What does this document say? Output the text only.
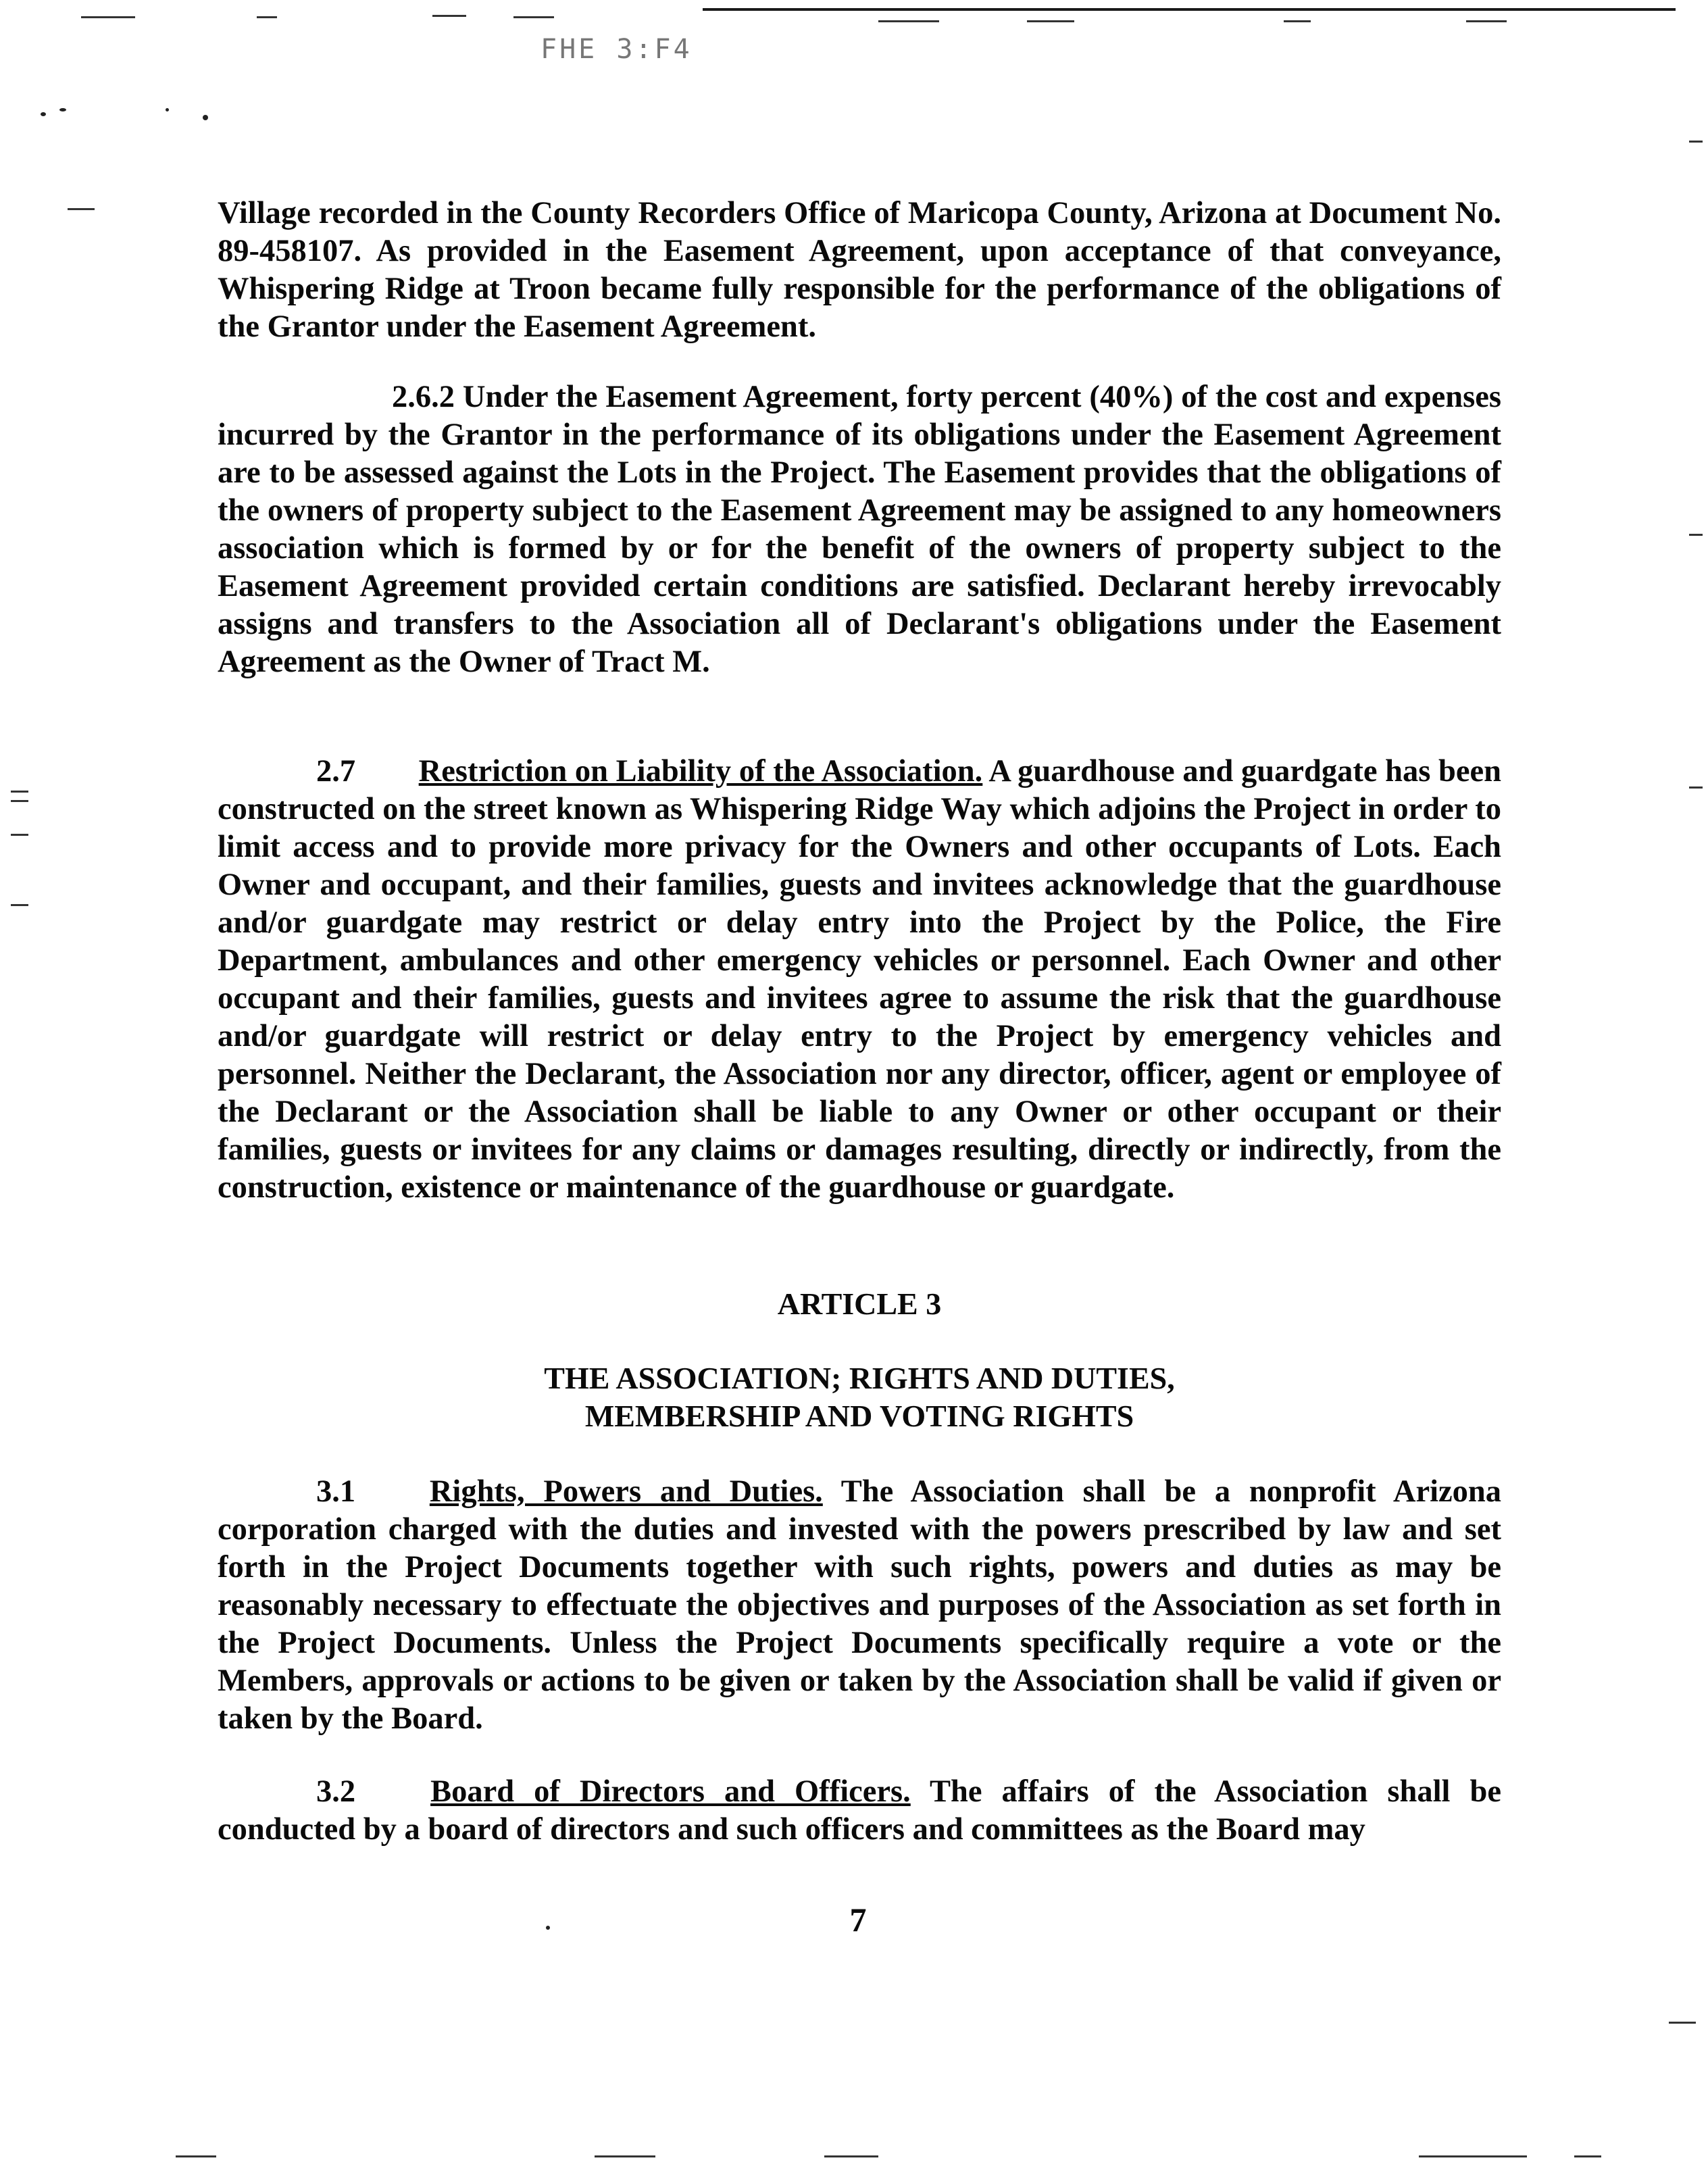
FHE 3:F4

Village recorded in the County Recorders Office of Maricopa County, Arizona at Document No. 89-458107. As provided in the Easement Agreement, upon acceptance of that conveyance, Whispering Ridge at Troon became fully responsible for the performance of the obligations of the Grantor under the Easement Agreement.

2.6.2 Under the Easement Agreement, forty percent (40%) of the cost and expenses incurred by the Grantor in the performance of its obligations under the Easement Agreement are to be assessed against the Lots in the Project. The Easement provides that the obligations of the owners of property subject to the Easement Agreement may be assigned to any homeowners association which is formed by or for the benefit of the owners of property subject to the Easement Agreement provided certain conditions are satisfied. Declarant hereby irrevocably assigns and transfers to the Association all of Declarant's obligations under the Easement Agreement as the Owner of Tract M.

2.7 Restriction on Liability of the Association. A guardhouse and guardgate has been constructed on the street known as Whispering Ridge Way which adjoins the Project in order to limit access and to provide more privacy for the Owners and other occupants of Lots. Each Owner and occupant, and their families, guests and invitees acknowledge that the guardhouse and/or guardgate may restrict or delay entry into the Project by the Police, the Fire Department, ambulances and other emergency vehicles or personnel. Each Owner and other occupant and their families, guests and invitees agree to assume the risk that the guardhouse and/or guardgate will restrict or delay entry to the Project by emergency vehicles and personnel. Neither the Declarant, the Association nor any director, officer, agent or employee of the Declarant or the Association shall be liable to any Owner or other occupant or their families, guests or invitees for any claims or damages resulting, directly or indirectly, from the construction, existence or maintenance of the guardhouse or guardgate.

ARTICLE 3
THE ASSOCIATION; RIGHTS AND DUTIES,
MEMBERSHIP AND VOTING RIGHTS

3.1 Rights, Powers and Duties. The Association shall be a nonprofit Arizona corporation charged with the duties and invested with the powers prescribed by law and set forth in the Project Documents together with such rights, powers and duties as may be reasonably necessary to effectuate the objectives and purposes of the Association as set forth in the Project Documents. Unless the Project Documents specifically require a vote or the Members, approvals or actions to be given or taken by the Association shall be valid if given or taken by the Board.

3.2 Board of Directors and Officers. The affairs of the Association shall be conducted by a board of directors and such officers and committees as the Board may

7
